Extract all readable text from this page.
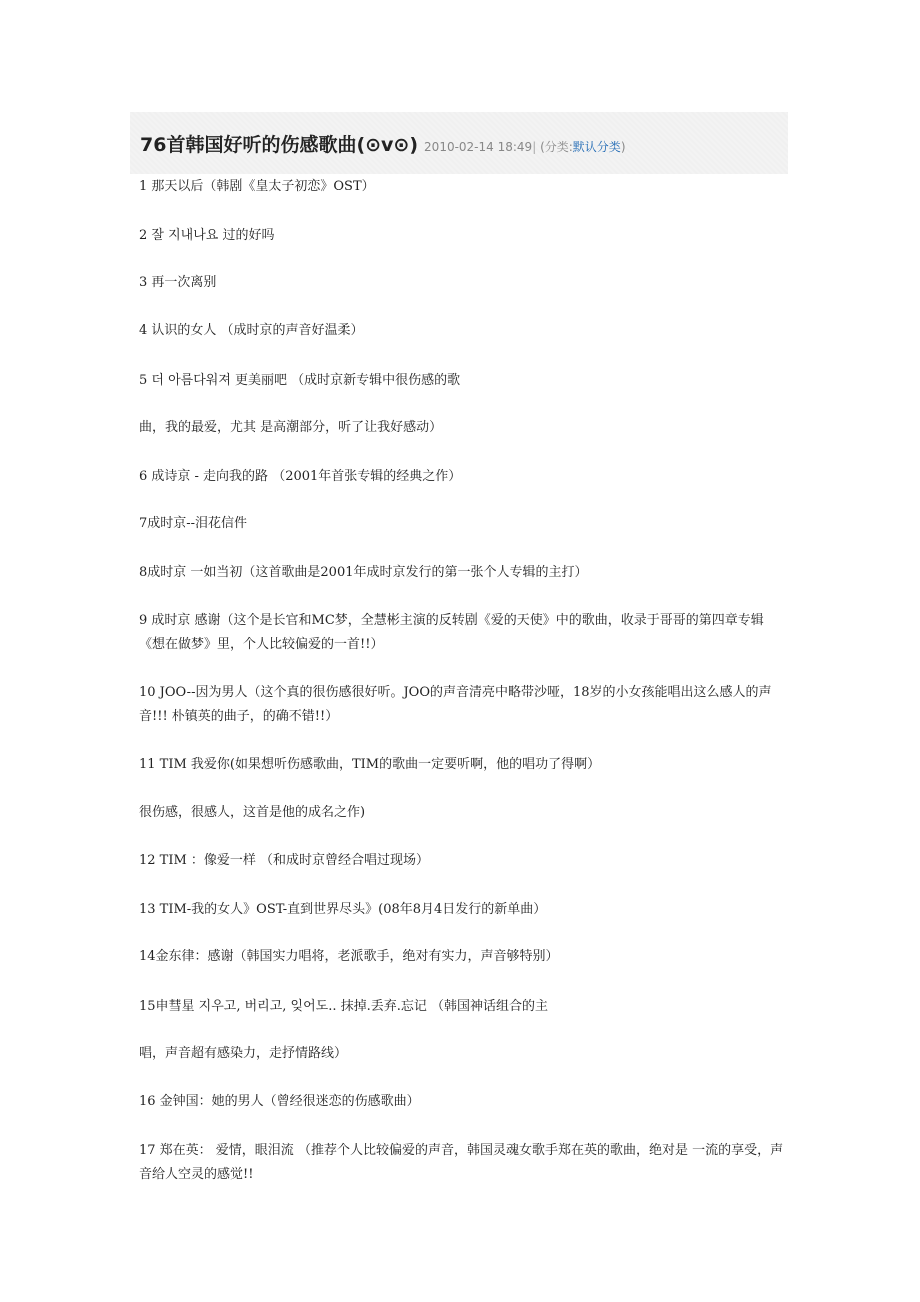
76首韩国好听的伤感歌曲(⊙v⊙) 2010-02-14 18:49| (分类:默认分类)
1 那天以后（韩剧《皇太子初恋》OST）
2 잘 지내나요 过的好吗
3 再一次离别
4 认识的女人 （成时京的声音好温柔）
5 더 아름다워져 更美丽吧 （成时京新专辑中很伤感的歌
曲，我的最爱，尤其 是高潮部分，听了让我好感动）
6 成诗京 - 走向我的路 （2001年首张专辑的经典之作）
7成时京--泪花信件
8成时京 一如当初（这首歌曲是2001年成时京发行的第一张个人专辑的主打）
9 成时京 感谢（这个是长官和MC梦，全慧彬主演的反转剧《爱的天使》中的歌曲，收录于哥哥的第四章专辑《想在做梦》里，个人比较偏爱的一首!!）
10 JOO--因为男人（这个真的很伤感很好听。JOO的声音清亮中略带沙哑，18岁的小女孩能唱出这么感人的声音!!! 朴镇英的曲子，的确不错!!）
11 TIM 我爱你(如果想听伤感歌曲，TIM的歌曲一定要听啊，他的唱功了得啊）
很伤感，很感人，这首是他的成名之作)
12 TIM ：像爱一样 （和成时京曾经合唱过现场）
13 TIM-我的女人》OST-直到世界尽头》(08年8月4日发行的新单曲）
14金东律：感谢（韩国实力唱将，老派歌手，绝对有实力，声音够特别）
15申彗星 지우고, 버리고, 잊어도.. 抹掉.丢弃.忘记 （韩国神话组合的主
唱，声音超有感染力，走抒情路线）
16 金钟国：她的男人（曾经很迷恋的伤感歌曲）
17 郑在英： 爱情，眼泪流 （推荐个人比较偏爱的声音，韩国灵魂女歌手郑在英的歌曲，绝对是 一流的享受，声音给人空灵的感觉!!
